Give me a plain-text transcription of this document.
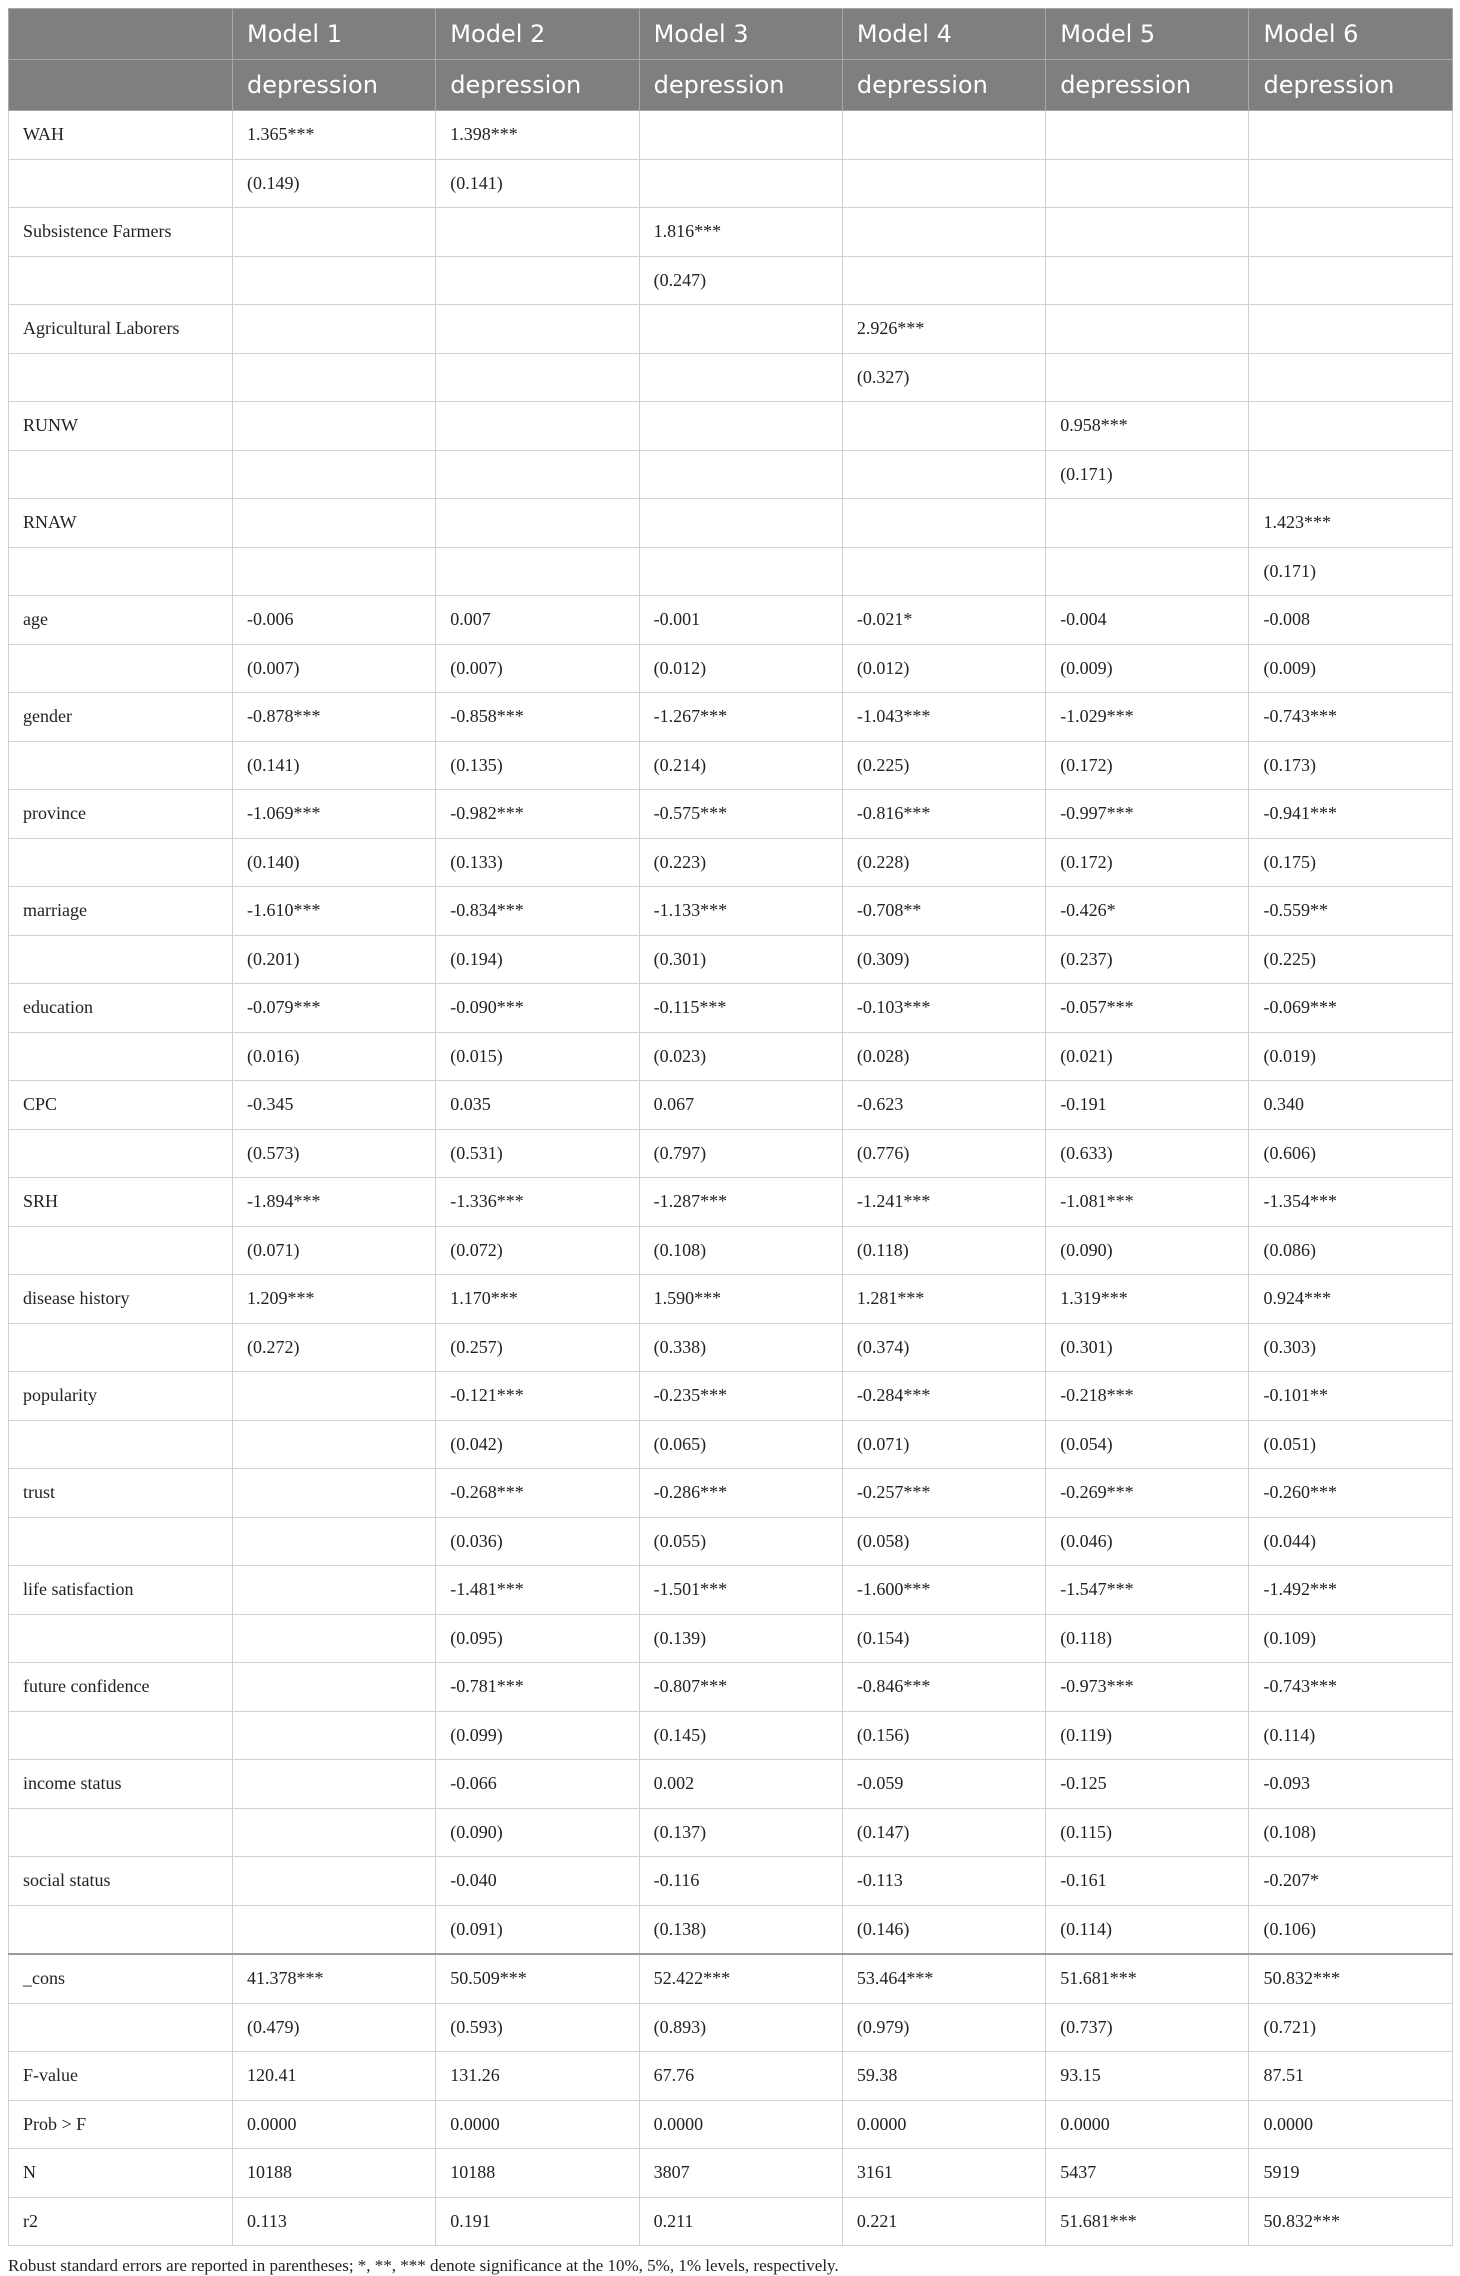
	Model 1	Model 2	Model 3	Model 4	Model 5	Model 6
	depression	depression	depression	depression	depression	depression
WAH	1.365***	1.398***				
	(0.149)	(0.141)				
Subsistence Farmers			1.816***			
			(0.247)			
Agricultural Laborers				2.926***		
				(0.327)		
RUNW					0.958***	
					(0.171)	
RNAW						1.423***
						(0.171)
age	-0.006	0.007	-0.001	-0.021*	-0.004	-0.008
	(0.007)	(0.007)	(0.012)	(0.012)	(0.009)	(0.009)
gender	-0.878***	-0.858***	-1.267***	-1.043***	-1.029***	-0.743***
	(0.141)	(0.135)	(0.214)	(0.225)	(0.172)	(0.173)
province	-1.069***	-0.982***	-0.575***	-0.816***	-0.997***	-0.941***
	(0.140)	(0.133)	(0.223)	(0.228)	(0.172)	(0.175)
marriage	-1.610***	-0.834***	-1.133***	-0.708**	-0.426*	-0.559**
	(0.201)	(0.194)	(0.301)	(0.309)	(0.237)	(0.225)
education	-0.079***	-0.090***	-0.115***	-0.103***	-0.057***	-0.069***
	(0.016)	(0.015)	(0.023)	(0.028)	(0.021)	(0.019)
CPC	-0.345	0.035	0.067	-0.623	-0.191	0.340
	(0.573)	(0.531)	(0.797)	(0.776)	(0.633)	(0.606)
SRH	-1.894***	-1.336***	-1.287***	-1.241***	-1.081***	-1.354***
	(0.071)	(0.072)	(0.108)	(0.118)	(0.090)	(0.086)
disease history	1.209***	1.170***	1.590***	1.281***	1.319***	0.924***
	(0.272)	(0.257)	(0.338)	(0.374)	(0.301)	(0.303)
popularity		-0.121***	-0.235***	-0.284***	-0.218***	-0.101**
		(0.042)	(0.065)	(0.071)	(0.054)	(0.051)
trust		-0.268***	-0.286***	-0.257***	-0.269***	-0.260***
		(0.036)	(0.055)	(0.058)	(0.046)	(0.044)
life satisfaction		-1.481***	-1.501***	-1.600***	-1.547***	-1.492***
		(0.095)	(0.139)	(0.154)	(0.118)	(0.109)
future confidence		-0.781***	-0.807***	-0.846***	-0.973***	-0.743***
		(0.099)	(0.145)	(0.156)	(0.119)	(0.114)
income status		-0.066	0.002	-0.059	-0.125	-0.093
		(0.090)	(0.137)	(0.147)	(0.115)	(0.108)
social status		-0.040	-0.116	-0.113	-0.161	-0.207*
		(0.091)	(0.138)	(0.146)	(0.114)	(0.106)
_cons	41.378***	50.509***	52.422***	53.464***	51.681***	50.832***
	(0.479)	(0.593)	(0.893)	(0.979)	(0.737)	(0.721)
F-value	120.41	131.26	67.76	59.38	93.15	87.51
Prob > F	0.0000	0.0000	0.0000	0.0000	0.0000	0.0000
N	10188	10188	3807	3161	5437	5919
r2	0.113	0.191	0.211	0.221	51.681***	50.832***
Robust standard errors are reported in parentheses; *, **, *** denote significance at the 10%, 5%, 1% levels, respectively.
